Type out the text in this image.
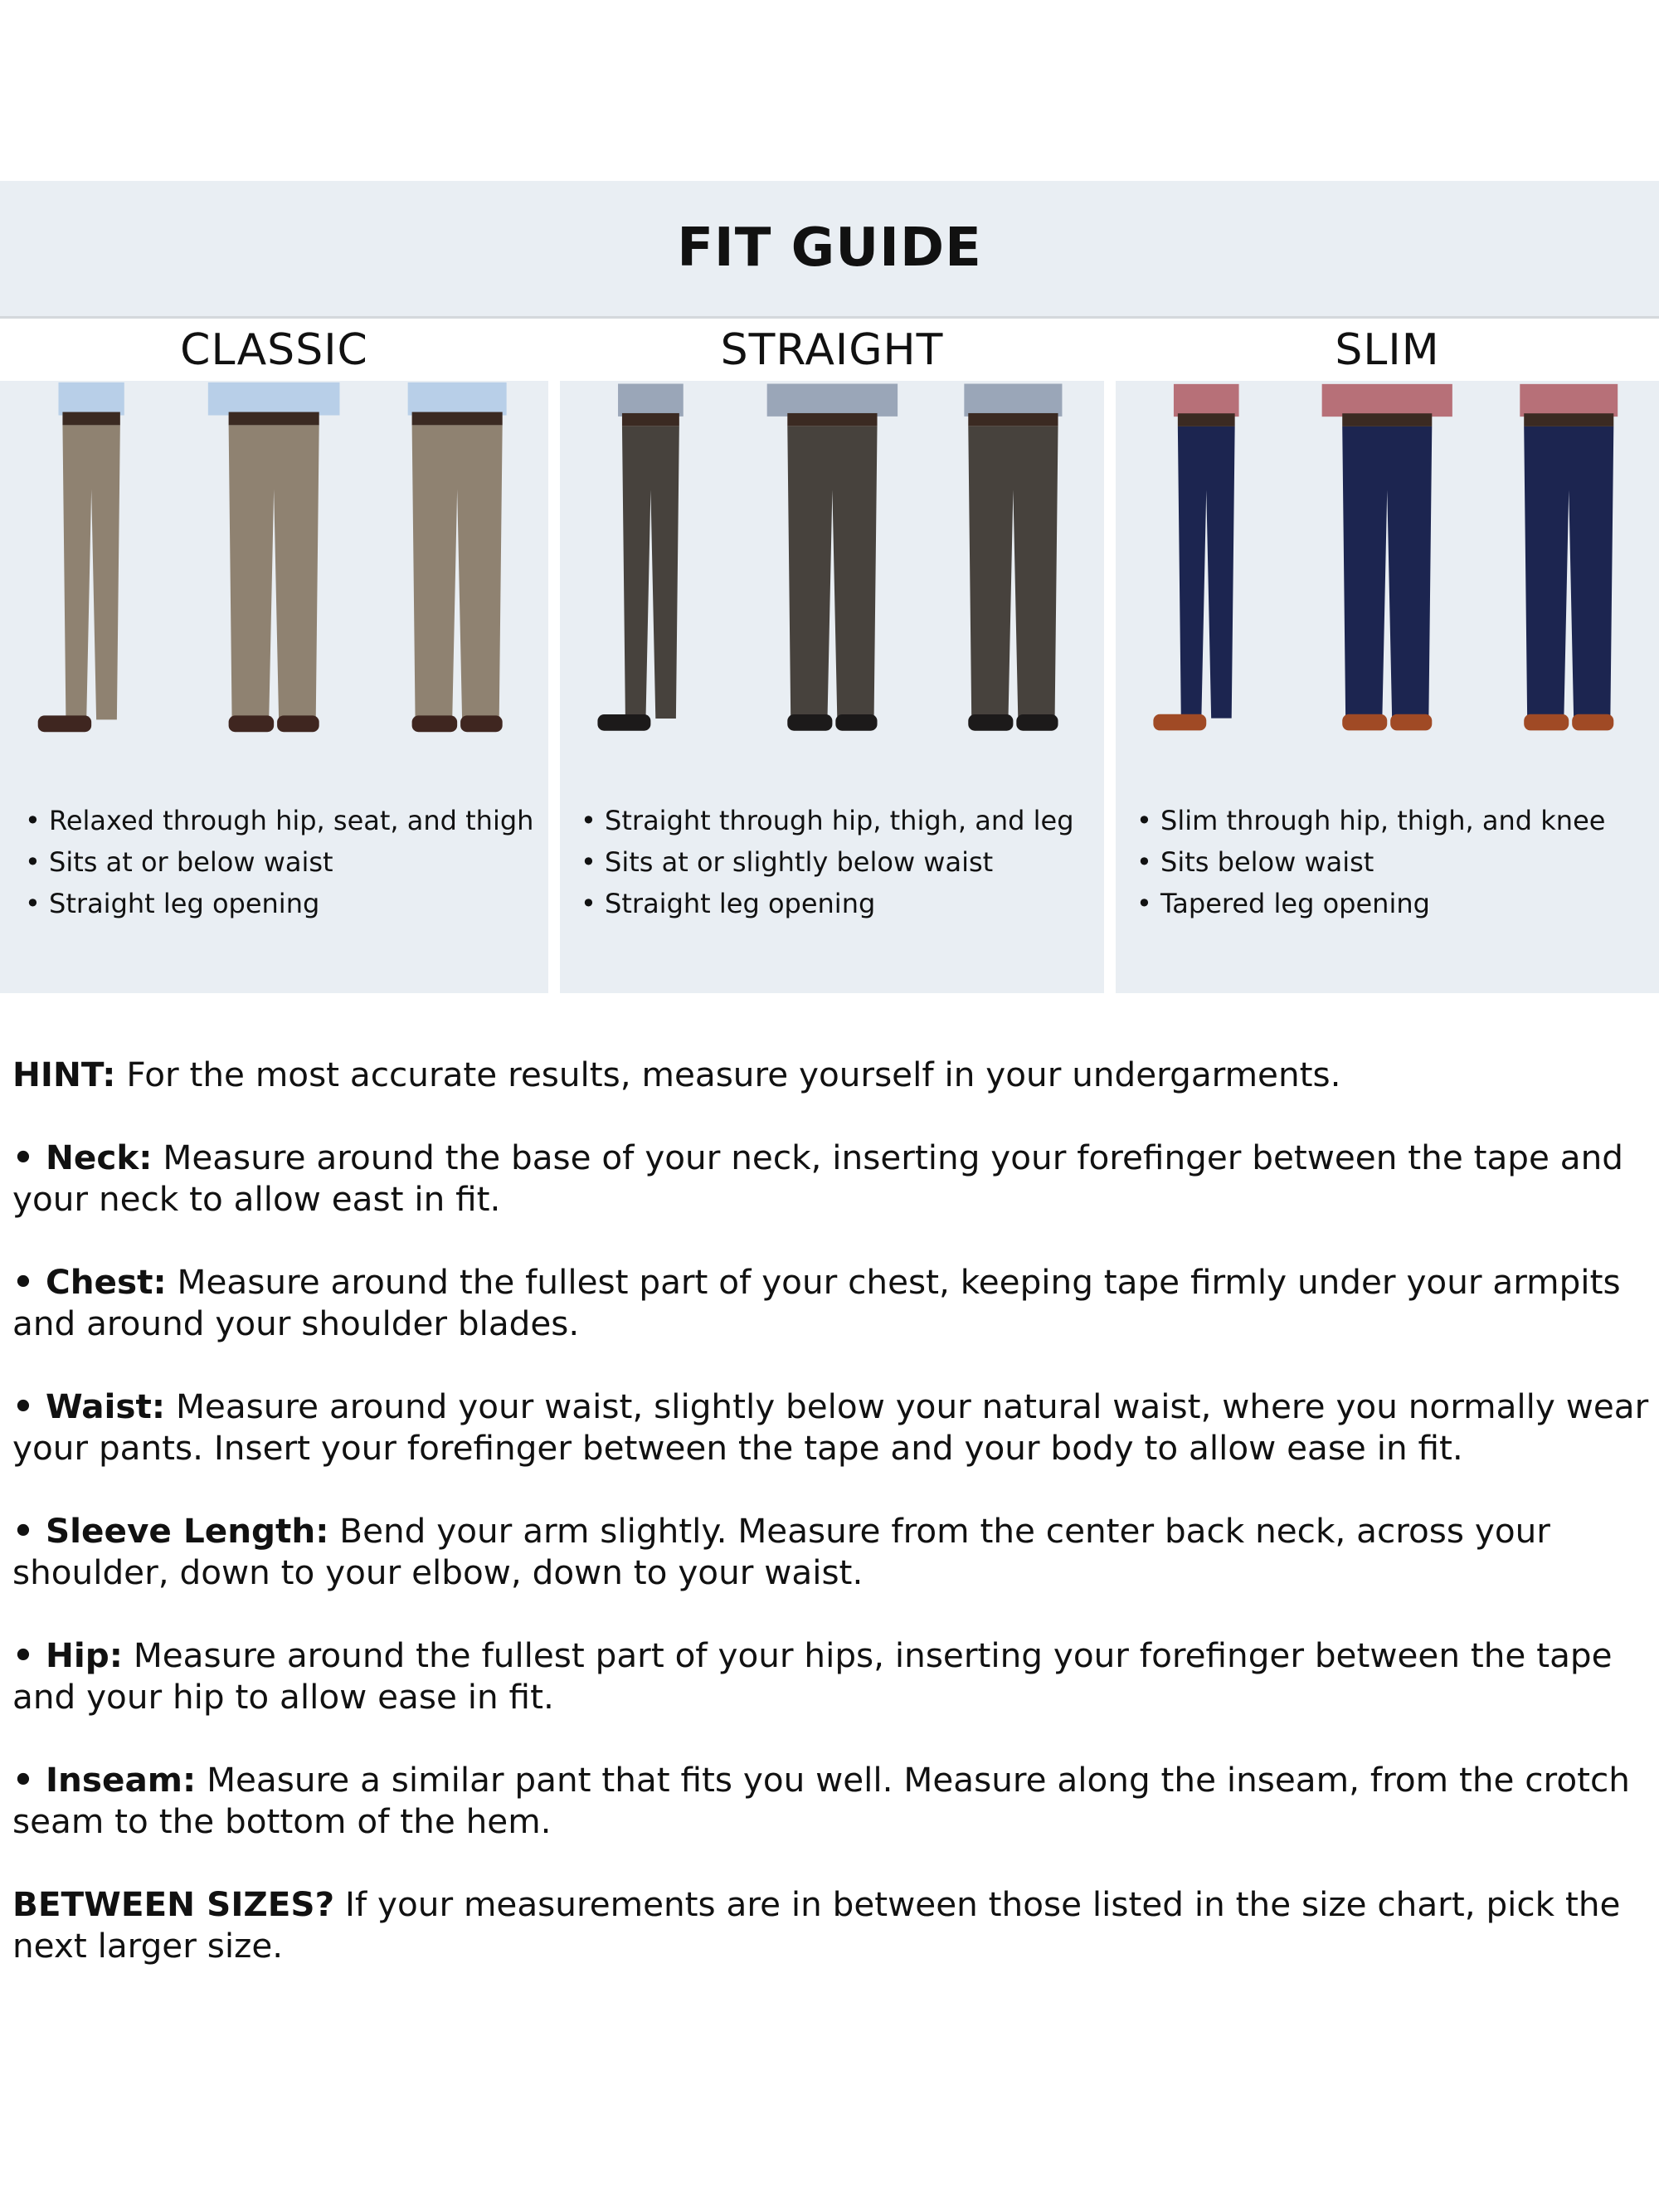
FIT GUIDE
CLASSIC	STRAIGHT	SLIM
• Relaxed through hip, seat, and thigh
• Sits at or below waist
• Straight leg opening
• Straight through hip, thigh, and leg
• Sits at or slightly below waist
• Straight leg opening
• Slim through hip, thigh, and knee
• Sits below waist
• Tapered leg opening

HINT: For the most accurate results, measure yourself in your undergarments.

• Neck: Measure around the base of your neck, inserting your forefinger between the tape and your neck to allow east in fit.

• Chest: Measure around the fullest part of your chest, keeping tape firmly under your armpits and around your shoulder blades.

• Waist: Measure around your waist, slightly below your natural waist, where you normally wear your pants. Insert your forefinger between the tape and your body to allow ease in fit.

• Sleeve Length: Bend your arm slightly. Measure from the center back neck, across your shoulder, down to your elbow, down to your waist.

• Hip: Measure around the fullest part of your hips, inserting your forefinger between the tape and your hip to allow ease in fit.

• Inseam: Measure a similar pant that fits you well. Measure along the inseam, from the crotch seam to the bottom of the hem.

BETWEEN SIZES? If your measurements are in between those listed in the size chart, pick the next larger size.
